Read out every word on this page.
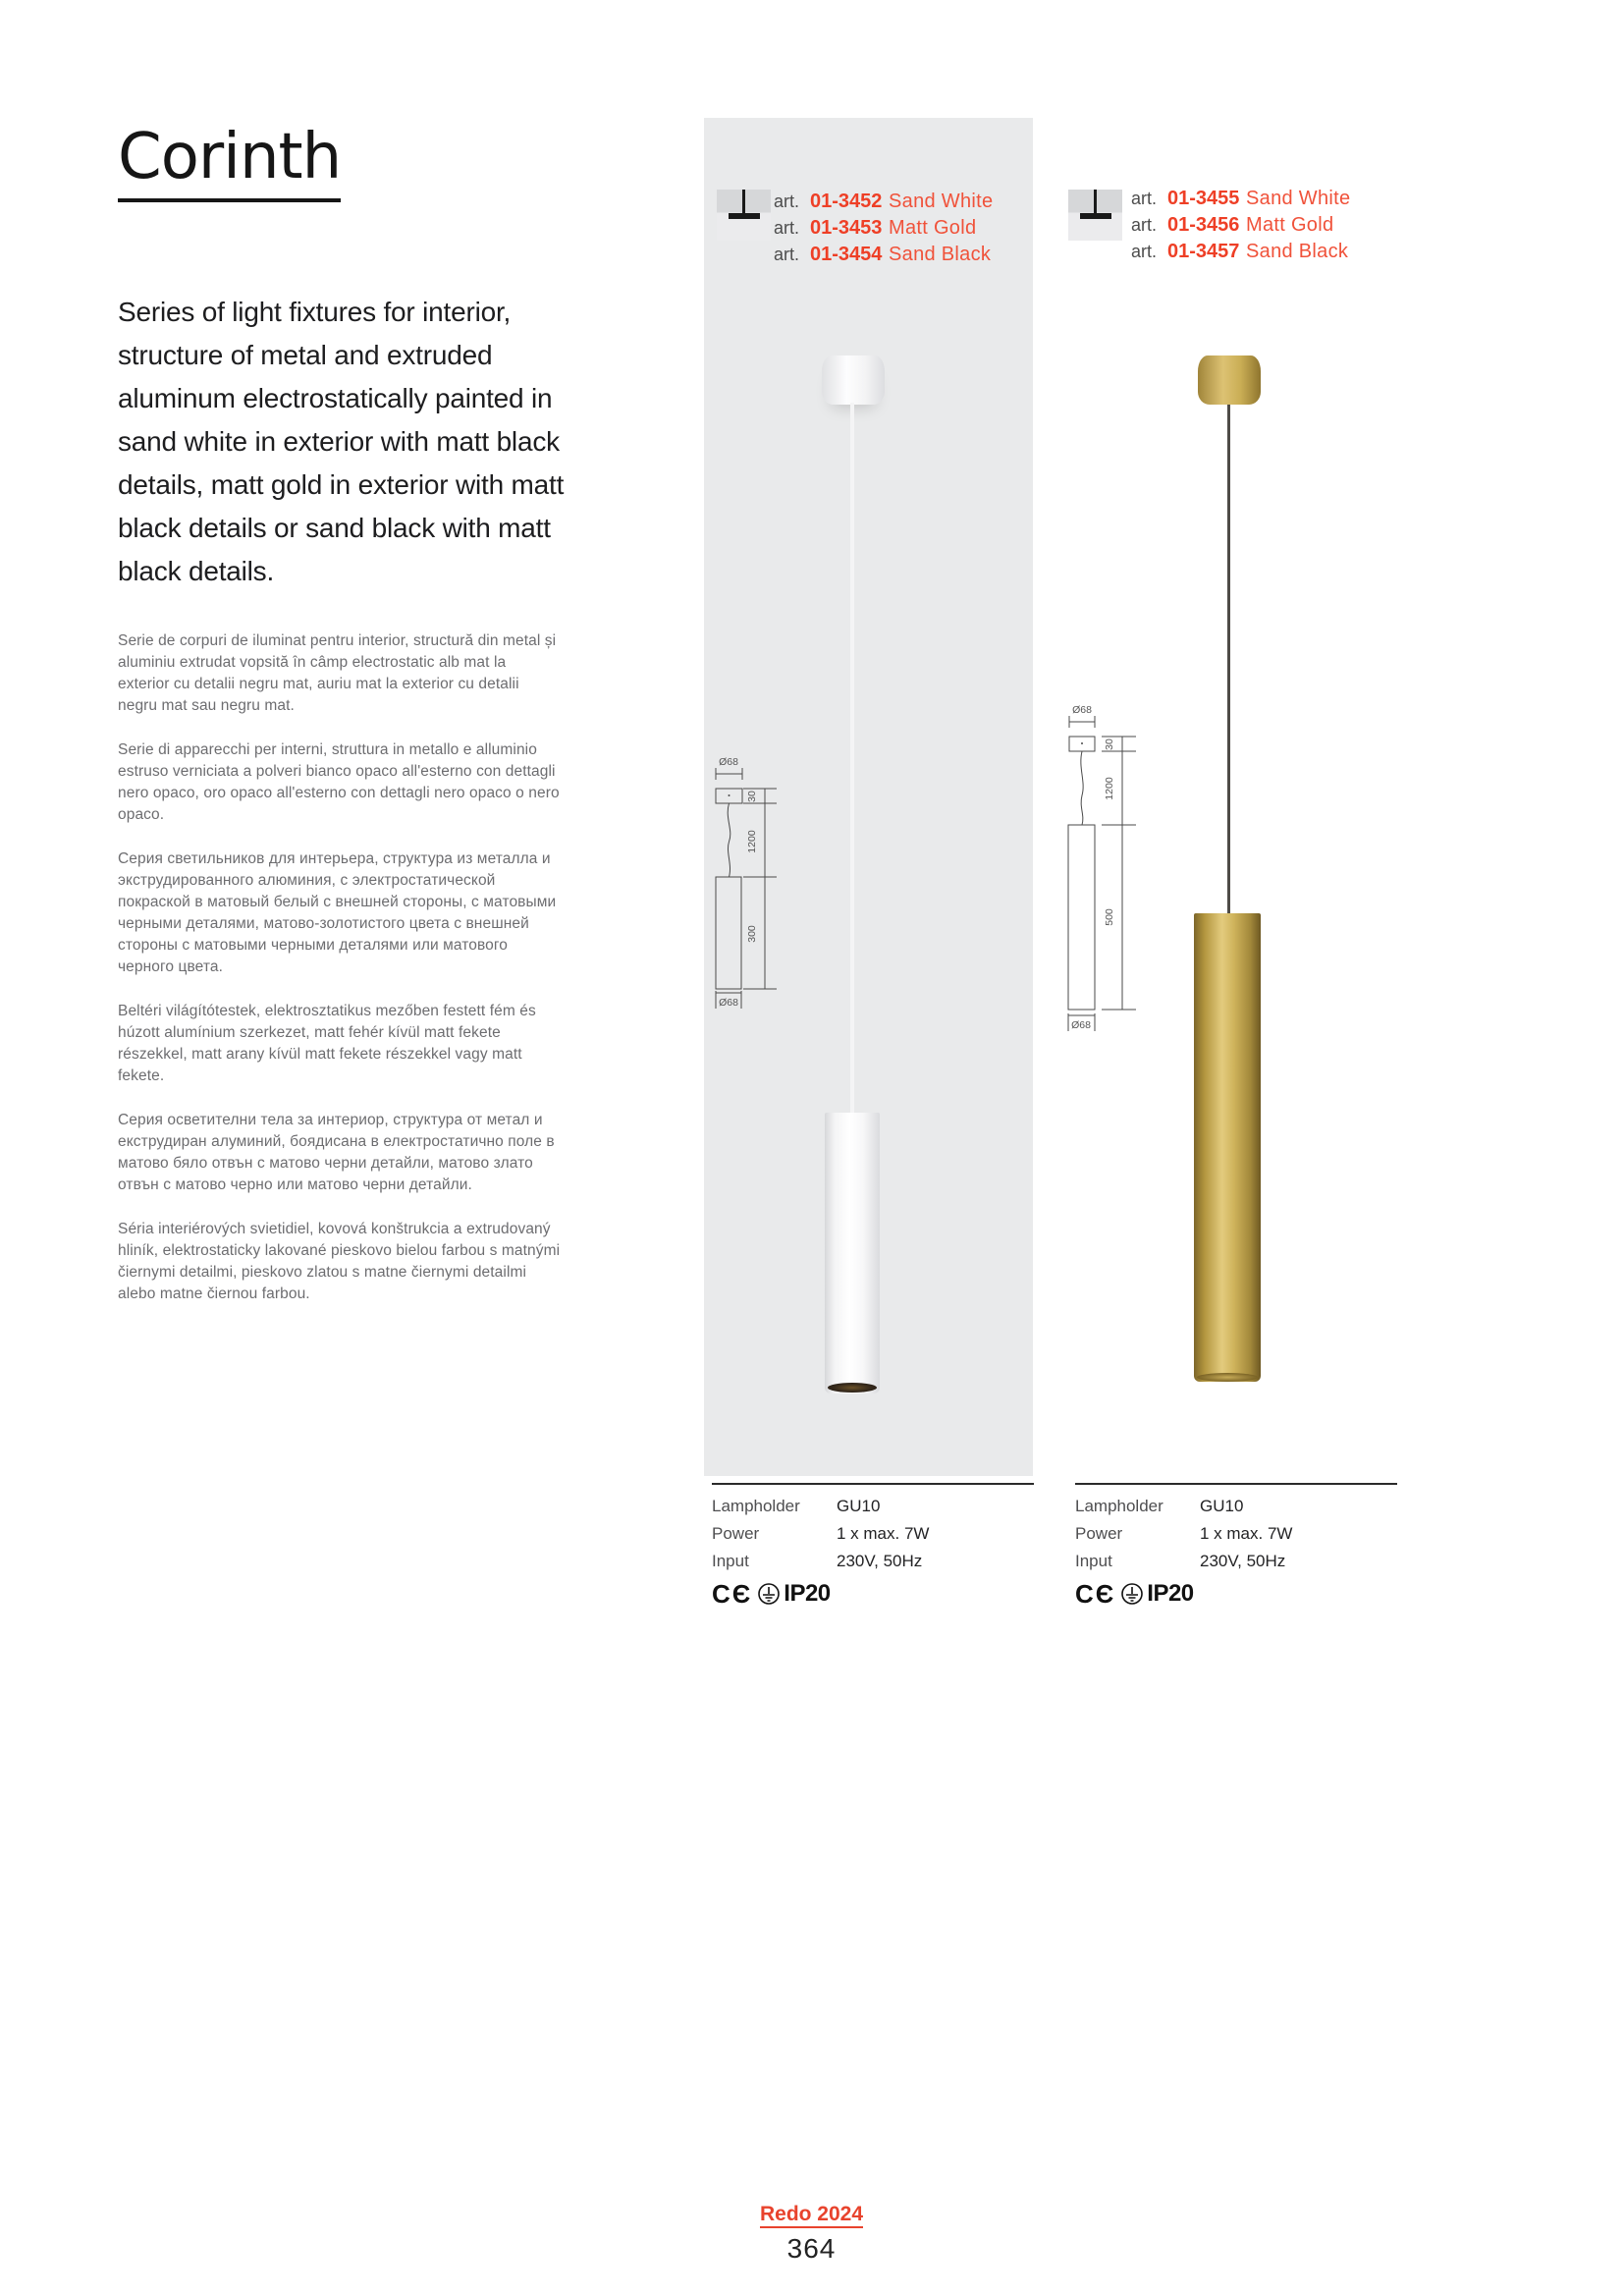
Corinth

Series of light fixtures for interior, structure of metal and extruded aluminum electrostatically painted in sand white in exterior with matt black details, matt gold in exterior with matt black details or sand black with matt black details.

Serie de corpuri de iluminat pentru interior, structură din metal și aluminiu extrudat vopsită în câmp electrostatic alb mat la exterior cu detalii negru mat, auriu mat la exterior cu detalii negru mat sau negru mat.

Serie di apparecchi per interni, struttura in metallo e alluminio estruso verniciata a polveri bianco opaco all'esterno con dettagli nero opaco, oro opaco all'esterno con dettagli nero opaco o nero opaco.

Серия светильников для интерьера, структура из металла и экструдированного алюминия, с электростатической покраской в матовый белый с внешней стороны, с матовыми черными деталями, матово-золотистого цвета с внешней стороны с матовыми черными деталями или матового черного цвета.

Beltéri világítótestek, elektrosztatikus mezőben festett fém és húzott alumínium szerkezet, matt fehér kívül matt fekete részekkel, matt arany kívül matt fekete részekkel vagy matt fekete.

Серия осветителни тела за интериор, структура от метал и екструдиран алуминий, боядисана в електростатично поле в матово бяло отвън с матово черни детайли, матово злато отвън с матово черно или матово черни детайли.

Séria interiérových svietidiel, kovová konštrukcia a extrudovaný hliník, elektrostaticky lakované pieskovo bielou farbou s matnými čiernymi detailmi, pieskovo zlatou s matne čiernymi detailmi alebo matne čiernou farbou.

art. 01-3452 Sand White
art. 01-3453 Matt Gold
art. 01-3454 Sand Black
art. 01-3455 Sand White
art. 01-3456 Matt Gold
art. 01-3457 Sand Black
Ø68
Ø68
30
1200
300
Ø68
Ø68
30
1200
500
Lampholder	GU10
Power	1 x max. 7W
Input	230V, 50Hz
CЄ IP20
Lampholder	GU10
Power	1 x max. 7W
Input	230V, 50Hz
CЄ IP20
Redo 2024
364
